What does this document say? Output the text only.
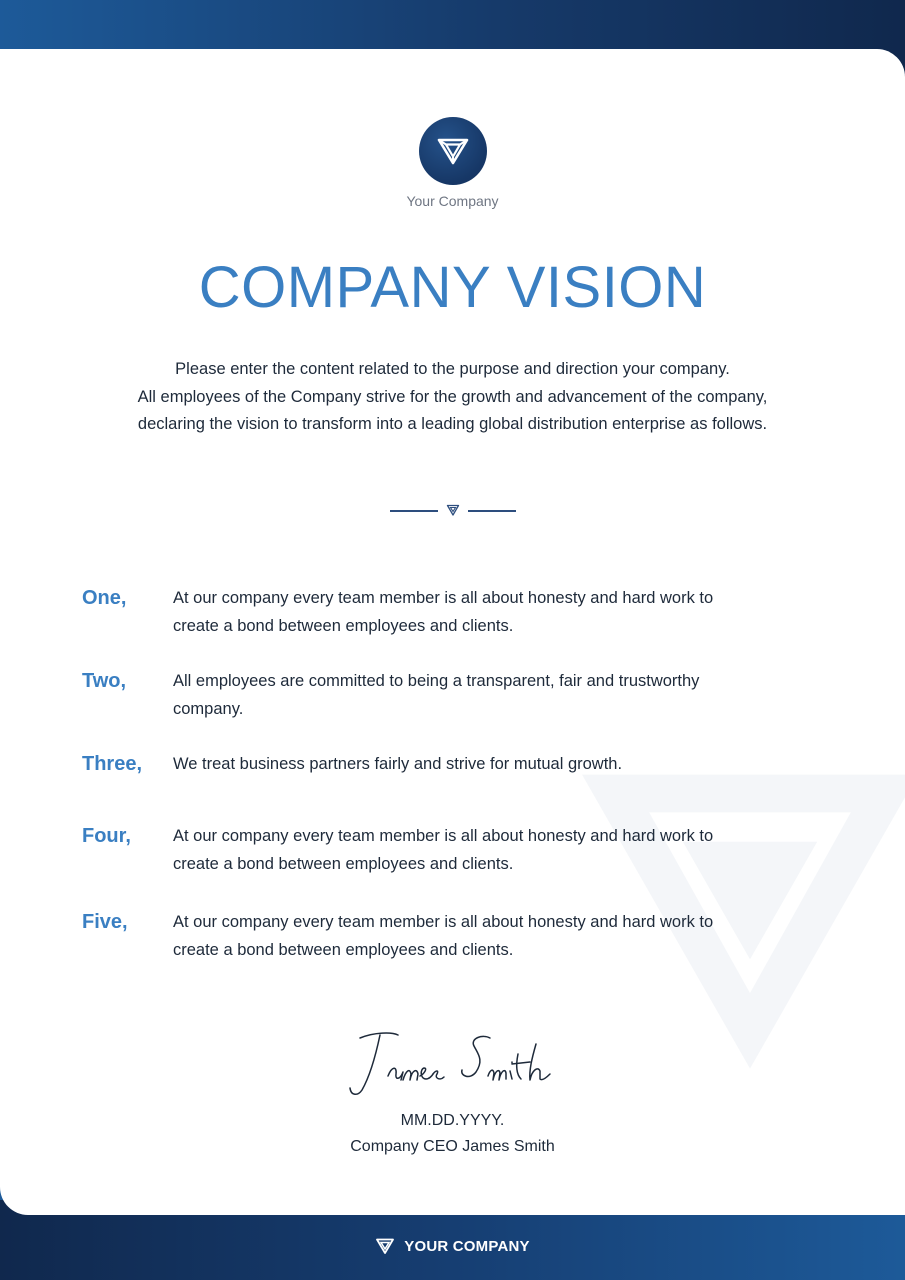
Your Company
COMPANY VISION
Please enter the content related to the purpose and direction your company.
All employees of the Company strive for the growth and advancement of the company,
declaring the vision to transform into a leading global distribution enterprise as follows.
One,	At our company every team member is all about honesty and hard work to
create a bond between employees and clients.
Two,	All employees are committed to being a transparent, fair and trustworthy
company.
Three, We treat business partners fairly and strive for mutual growth.
Four,	At our company every team member is all about honesty and hard work to
create a bond between employees and clients.
Five,	At our company every team member is all about honesty and hard work to
create a bond between employees and clients.
MM.DD.YYYY.
Company CEO James Smith
YOUR COMPANY
